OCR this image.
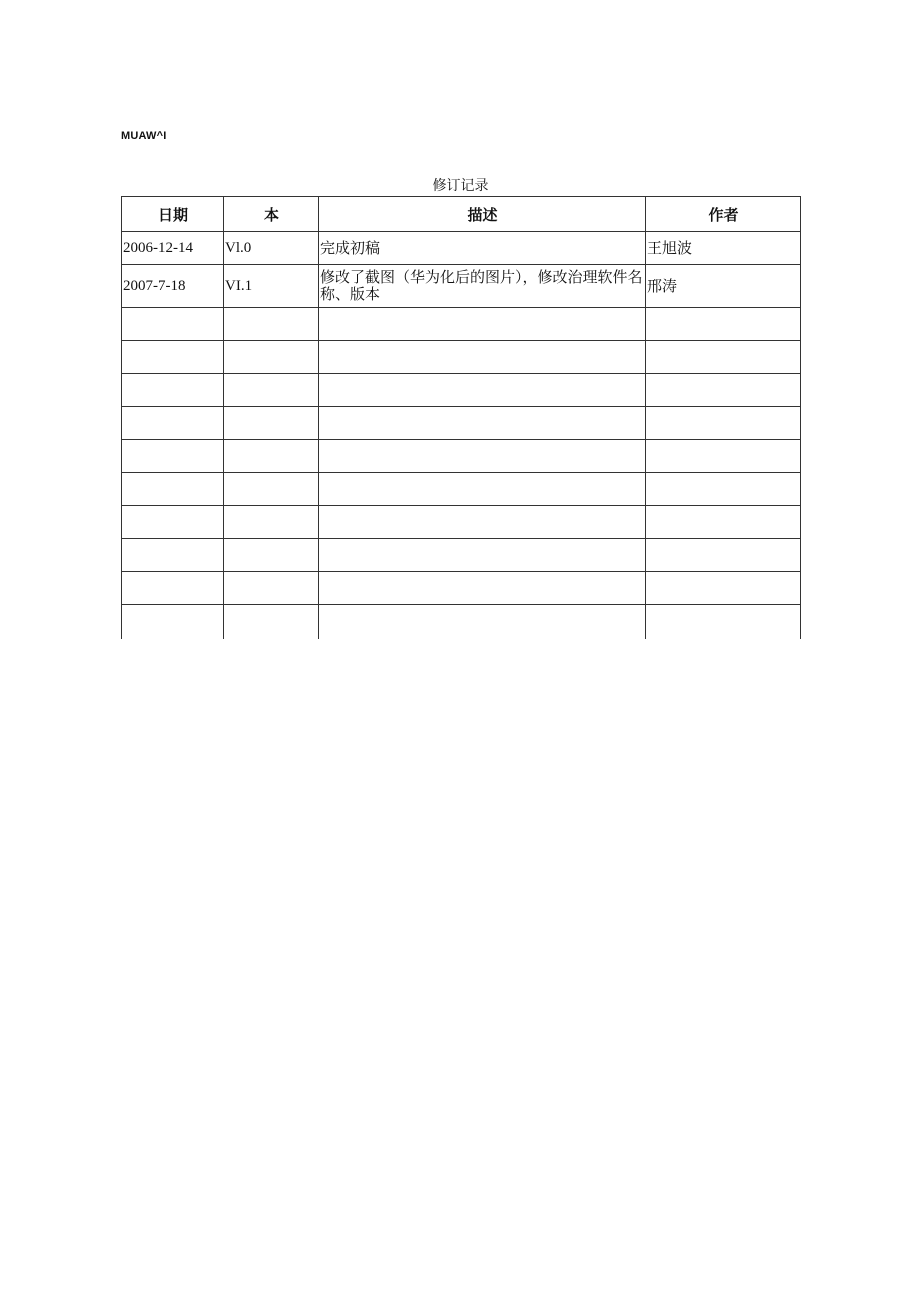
MUAW^I
修订记录
日期	本	描述	作者
2006-12-14	Vl.0	完成初稿	王旭波
2007-7-18	VI.1	修改了截图（华为化后的图片），修改治理软件名称、版本	邢涛
